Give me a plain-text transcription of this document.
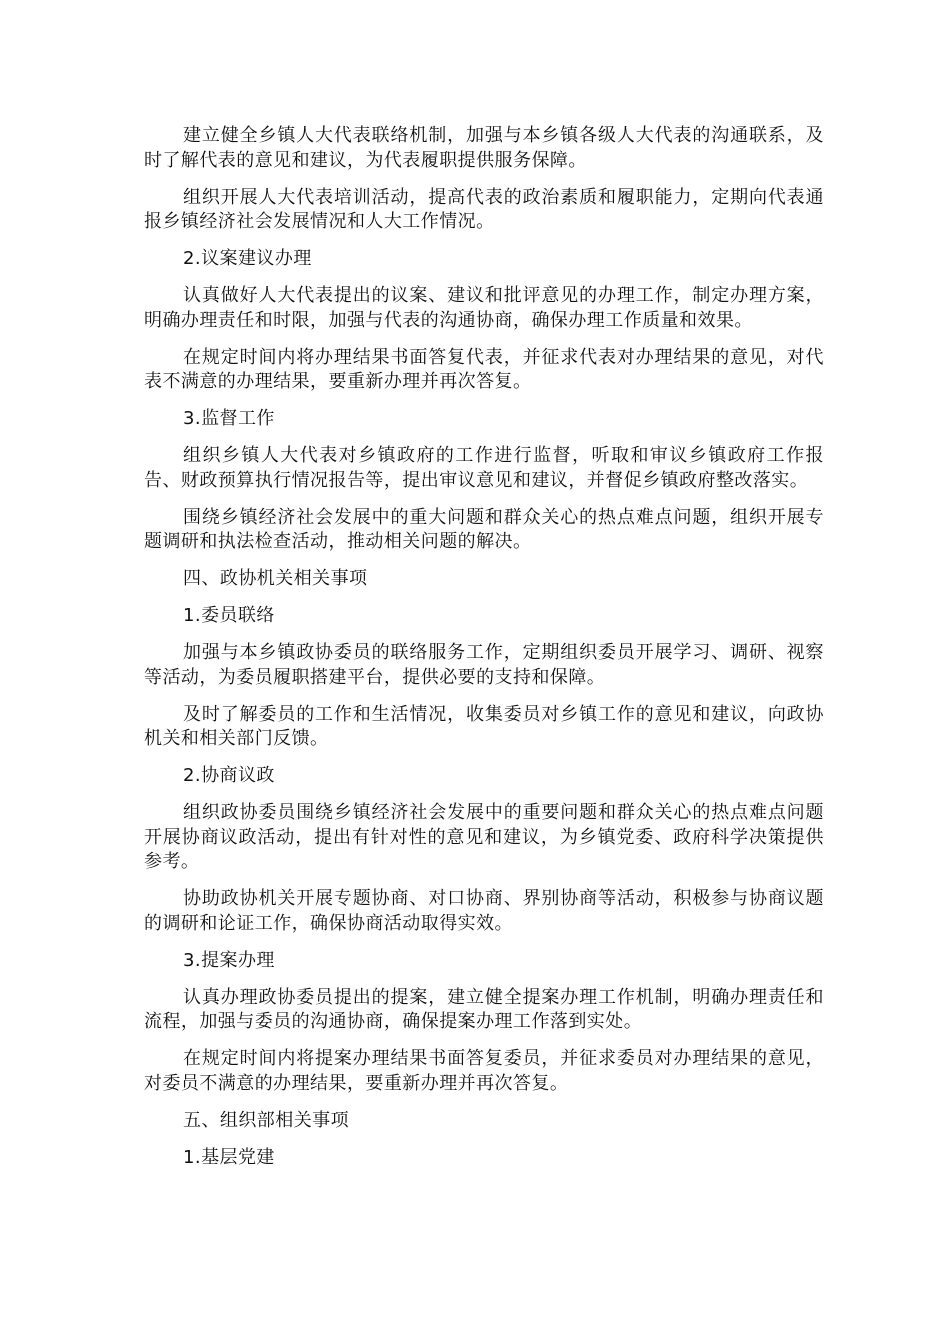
建立健全乡镇人大代表联络机制，加强与本乡镇各级人大代表的沟通联系，及时了解代表的意见和建议，为代表履职提供服务保障。

组织开展人大代表培训活动，提高代表的政治素质和履职能力，定期向代表通报乡镇经济社会发展情况和人大工作情况。

2.议案建议办理

认真做好人大代表提出的议案、建议和批评意见的办理工作，制定办理方案，明确办理责任和时限，加强与代表的沟通协商，确保办理工作质量和效果。

在规定时间内将办理结果书面答复代表，并征求代表对办理结果的意见，对代表不满意的办理结果，要重新办理并再次答复。

3.监督工作

组织乡镇人大代表对乡镇政府的工作进行监督，听取和审议乡镇政府工作报告、财政预算执行情况报告等，提出审议意见和建议，并督促乡镇政府整改落实。

围绕乡镇经济社会发展中的重大问题和群众关心的热点难点问题，组织开展专题调研和执法检查活动，推动相关问题的解决。

四、政协机关相关事项

1.委员联络

加强与本乡镇政协委员的联络服务工作，定期组织委员开展学习、调研、视察等活动，为委员履职搭建平台，提供必要的支持和保障。

及时了解委员的工作和生活情况，收集委员对乡镇工作的意见和建议，向政协机关和相关部门反馈。

2.协商议政

组织政协委员围绕乡镇经济社会发展中的重要问题和群众关心的热点难点问题开展协商议政活动，提出有针对性的意见和建议，为乡镇党委、政府科学决策提供参考。

协助政协机关开展专题协商、对口协商、界别协商等活动，积极参与协商议题的调研和论证工作，确保协商活动取得实效。

3.提案办理

认真办理政协委员提出的提案，建立健全提案办理工作机制，明确办理责任和流程，加强与委员的沟通协商，确保提案办理工作落到实处。

在规定时间内将提案办理结果书面答复委员，并征求委员对办理结果的意见，对委员不满意的办理结果，要重新办理并再次答复。

五、组织部相关事项

1.基层党建
